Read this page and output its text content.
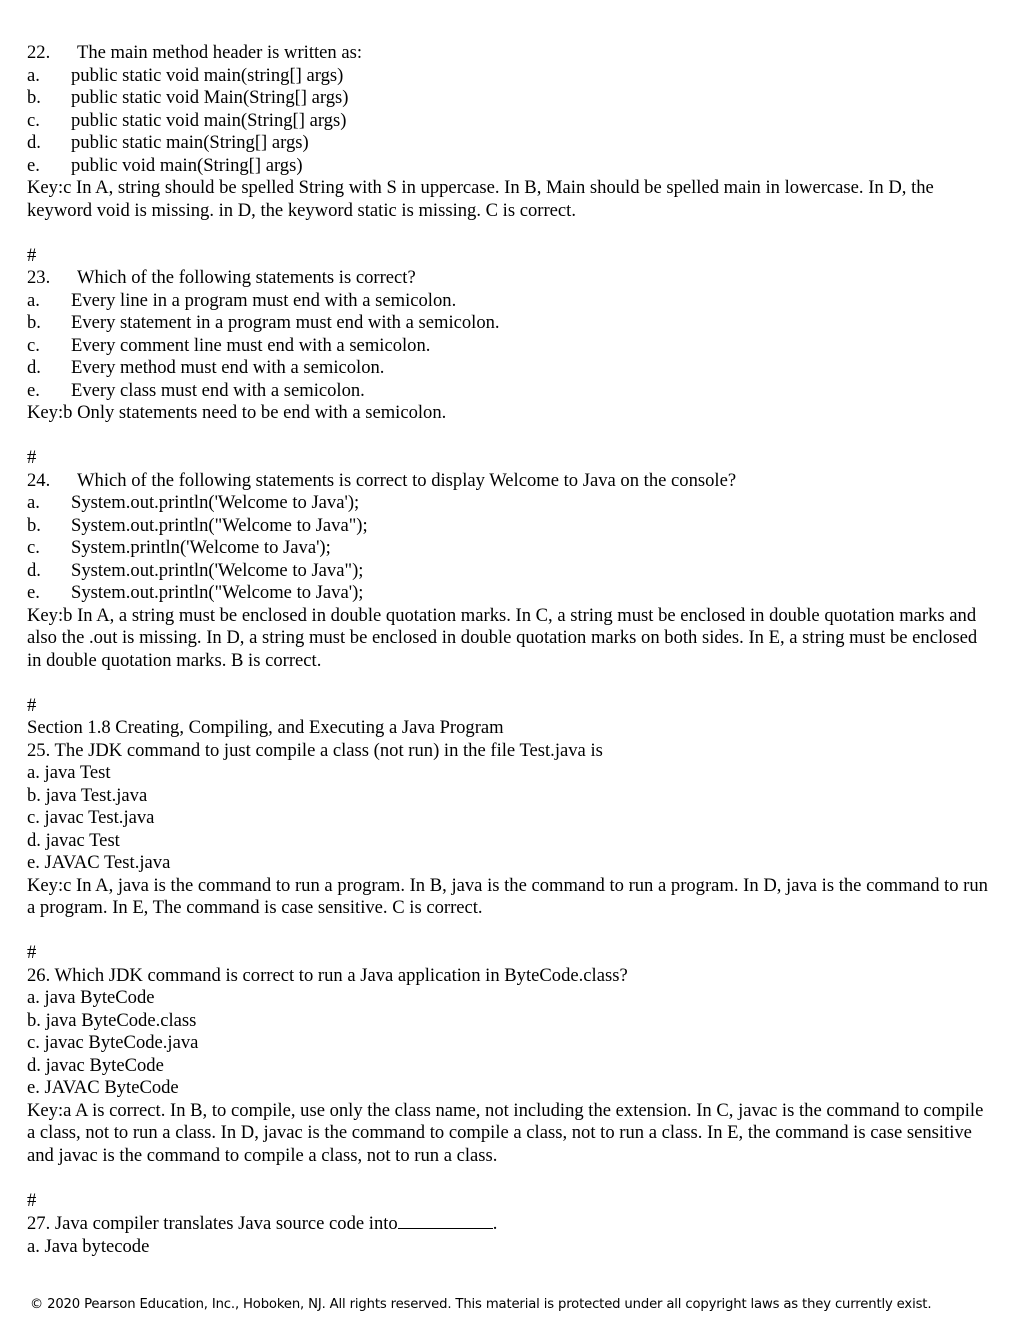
22. The main method header is written as:
a.	public static void main(string[] args)
b.	public static void Main(String[] args)
c.	public static void main(String[] args)
d.	public static main(String[] args)
e.	public void main(String[] args)

Key:c In A, string should be spelled String with S in uppercase. In B, Main should be spelled main in lowercase. In D, the keyword void is missing. in D, the keyword static is missing. C is correct.

#
23. Which of the following statements is correct?
a.	Every line in a program must end with a semicolon.
b.	Every statement in a program must end with a semicolon.
c.	Every comment line must end with a semicolon.
d.	Every method must end with a semicolon.
e.	Every class must end with a semicolon.

Key:b Only statements need to be end with a semicolon.

#
24. Which of the following statements is correct to display Welcome to Java on the console?
a.	System.out.println('Welcome to Java');
b.	System.out.println("Welcome to Java");
c.	System.println('Welcome to Java');
d.	System.out.println('Welcome to Java");
e.	System.out.println("Welcome to Java');

Key:b In A, a string must be enclosed in double quotation marks. In C, a string must be enclosed in double quotation marks and also the .out is missing. In D, a string must be enclosed in double quotation marks on both sides. In E, a string must be enclosed in double quotation marks. B is correct.

#
Section 1.8 Creating, Compiling, and Executing a Java Program
25. The JDK command to just compile a class (not run) in the file Test.java is
a. java Test
b. java Test.java
c. javac Test.java
d. javac Test
e. JAVAC Test.java

Key:c In A, java is the command to run a program. In B, java is the command to run a program. In D, java is the command to run a program. In E, The command is case sensitive. C is correct.

#
26. Which JDK command is correct to run a Java application in ByteCode.class?
a. java ByteCode
b. java ByteCode.class
c. javac ByteCode.java
d. javac ByteCode
e. JAVAC ByteCode

Key:a A is correct. In B, to compile, use only the class name, not including the extension. In C, javac is the command to compile a class, not to run a class. In D, javac is the command to compile a class, not to run a class. In E, the command is case sensitive and javac is the command to compile a class, not to run a class.

#
27. Java compiler translates Java source code into	.
a. Java bytecode
© 2020 Pearson Education, Inc., Hoboken, NJ. All rights reserved. This material is protected under all copyright laws as they currently exist.
